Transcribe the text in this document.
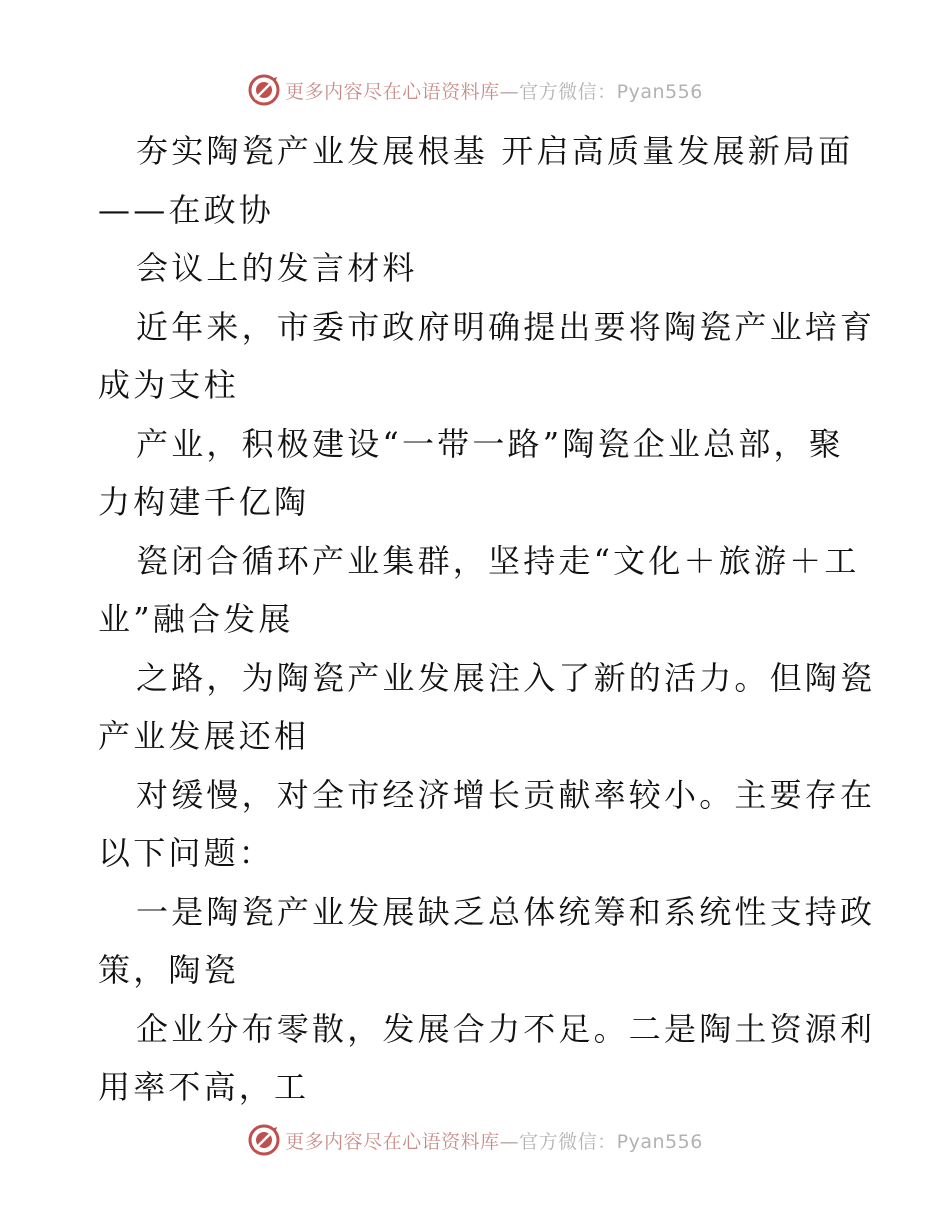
更多内容尽在心语资料库—官方微信：Pyan556
夯实陶瓷产业发展根基 开启高质量发展新局面
——在政协
会议上的发言材料
近年来，市委市政府明确提出要将陶瓷产业培育
成为支柱
产业，积极建设“一带一路”陶瓷企业总部，聚
力构建千亿陶
瓷闭合循环产业集群，坚持走“文化＋旅游＋工
业”融合发展
之路，为陶瓷产业发展注入了新的活力。但陶瓷
产业发展还相
对缓慢，对全市经济增长贡献率较小。主要存在
以下问题：
一是陶瓷产业发展缺乏总体统筹和系统性支持政
策，陶瓷
企业分布零散，发展合力不足。二是陶土资源利
用率不高，工
更多内容尽在心语资料库—官方微信：Pyan556
